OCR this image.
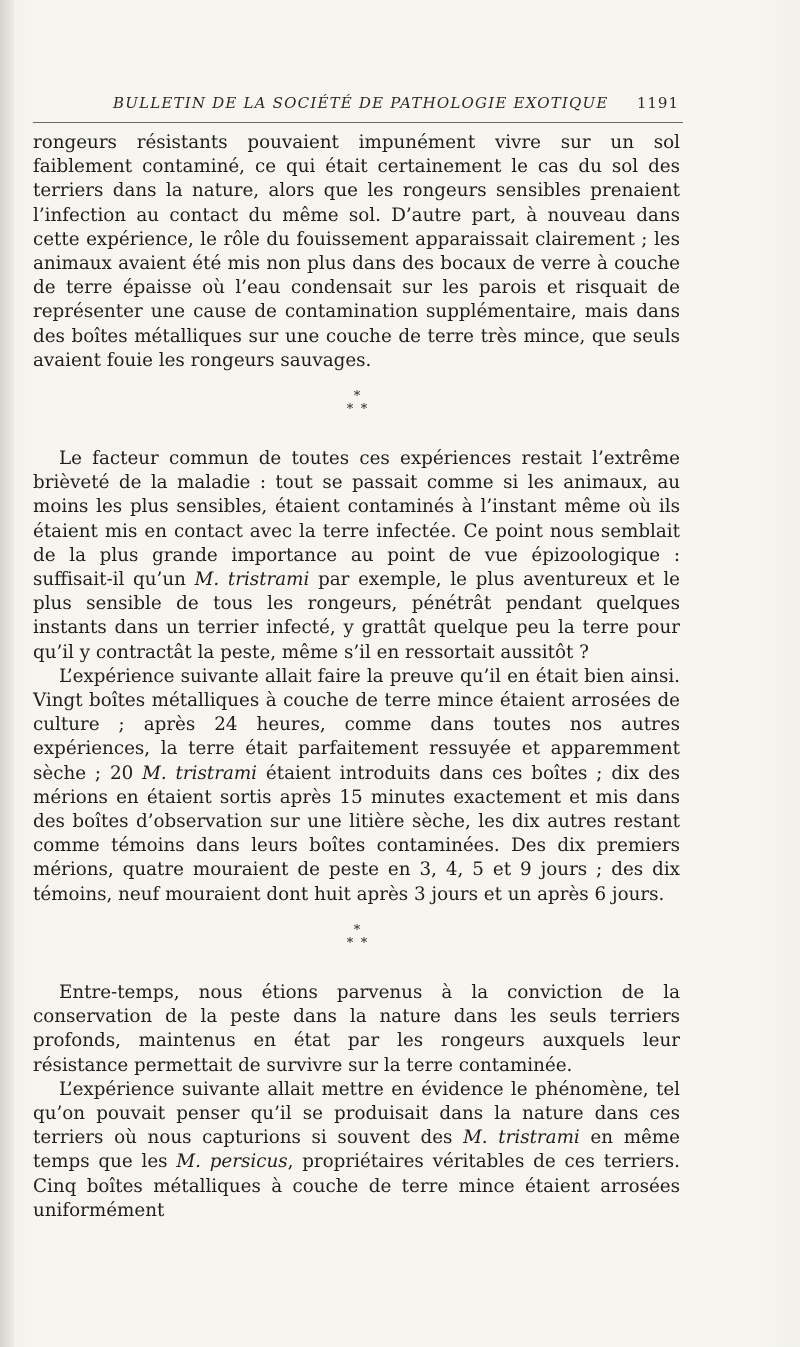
BULLETIN DE LA SOCIÉTÉ DE PATHOLOGIE EXOTIQUE 1191

rongeurs résistants pouvaient impunément vivre sur un sol faiblement contaminé, ce qui était certainement le cas du sol des terriers dans la nature, alors que les rongeurs sensibles prenaient l’infection au contact du même sol. D’autre part, à nouveau dans cette expérience, le rôle du fouissement apparaissait clairement ; les animaux avaient été mis non plus dans des bocaux de verre à couche de terre épaisse où l’eau condensait sur les parois et risquait de représenter une cause de contamination supplémentaire, mais dans des boîtes métalliques sur une couche de terre très mince, que seuls avaient fouie les rongeurs sauvages.

*
* *

Le facteur commun de toutes ces expériences restait l’extrême brièveté de la maladie : tout se passait comme si les animaux, au moins les plus sensibles, étaient contaminés à l’instant même où ils étaient mis en contact avec la terre infectée. Ce point nous semblait de la plus grande importance au point de vue épizoologique : suffisait-il qu’un M. tristrami par exemple, le plus aventureux et le plus sensible de tous les rongeurs, pénétrât pendant quelques instants dans un terrier infecté, y grattât quelque peu la terre pour qu’il y contractât la peste, même s’il en ressortait aussitôt ?

L’expérience suivante allait faire la preuve qu’il en était bien ainsi. Vingt boîtes métalliques à couche de terre mince étaient arrosées de culture ; après 24 heures, comme dans toutes nos autres expériences, la terre était parfaitement ressuyée et apparemment sèche ; 20 M. tristrami étaient introduits dans ces boîtes ; dix des mérions en étaient sortis après 15 minutes exactement et mis dans des boîtes d’observation sur une litière sèche, les dix autres restant comme témoins dans leurs boîtes contaminées. Des dix premiers mérions, quatre mouraient de peste en 3, 4, 5 et 9 jours ; des dix témoins, neuf mouraient dont huit après 3 jours et un après 6 jours.

*
* *

Entre-temps, nous étions parvenus à la conviction de la conservation de la peste dans la nature dans les seuls terriers profonds, maintenus en état par les rongeurs auxquels leur résistance permettait de survivre sur la terre contaminée.

L’expérience suivante allait mettre en évidence le phénomène, tel qu’on pouvait penser qu’il se produisait dans la nature dans ces terriers où nous capturions si souvent des M. tristrami en même temps que les M. persicus, propriétaires véritables de ces terriers. Cinq boîtes métalliques à couche de terre mince étaient arrosées uniformément
